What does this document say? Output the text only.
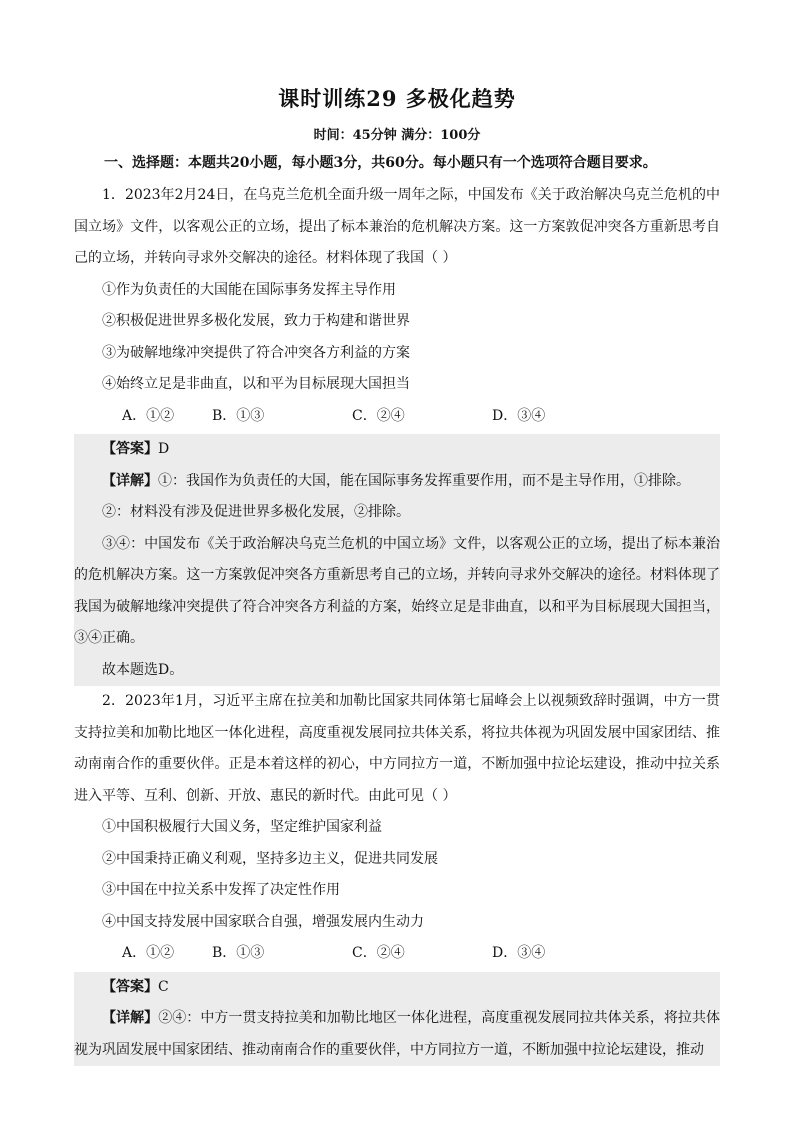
课时训练29 多极化趋势
时间：45分钟 满分：100分
一、选择题：本题共20小题，每小题3分，共60分。每小题只有一个选项符合题目要求。
1．2023年2月24日，在乌克兰危机全面升级一周年之际，中国发布《关于政治解决乌克兰危机的中国立场》文件，以客观公正的立场，提出了标本兼治的危机解决方案。这一方案敦促冲突各方重新思考自己的立场，并转向寻求外交解决的途径。材料体现了我国（ ）
①作为负责任的大国能在国际事务发挥主导作用
②积极促进世界多极化发展，致力于构建和谐世界
③为破解地缘冲突提供了符合冲突各方利益的方案
④始终立足是非曲直，以和平为目标展现大国担当
A．①②	B．①③	C．②④	D．③④
【答案】D
【详解】①：我国作为负责任的大国，能在国际事务发挥重要作用，而不是主导作用，①排除。
②：材料没有涉及促进世界多极化发展，②排除。
③④：中国发布《关于政治解决乌克兰危机的中国立场》文件，以客观公正的立场，提出了标本兼治的危机解决方案。这一方案敦促冲突各方重新思考自己的立场，并转向寻求外交解决的途径。材料体现了我国为破解地缘冲突提供了符合冲突各方利益的方案，始终立足是非曲直，以和平为目标展现大国担当，③④正确。
故本题选D。
2．2023年1月，习近平主席在拉美和加勒比国家共同体第七届峰会上以视频致辞时强调，中方一贯支持拉美和加勒比地区一体化进程，高度重视发展同拉共体关系，将拉共体视为巩固发展中国家团结、推动南南合作的重要伙伴。正是本着这样的初心，中方同拉方一道，不断加强中拉论坛建设，推动中拉关系进入平等、互利、创新、开放、惠民的新时代。由此可见（ ）
①中国积极履行大国义务，坚定维护国家利益
②中国秉持正确义利观，坚持多边主义，促进共同发展
③中国在中拉关系中发挥了决定性作用
④中国支持发展中国家联合自强，增强发展内生动力
A．①②	B．①③	C．②④	D．③④
【答案】C
【详解】②④：中方一贯支持拉美和加勒比地区一体化进程，高度重视发展同拉共体关系，将拉共体视为巩固发展中国家团结、推动南南合作的重要伙伴，中方同拉方一道，不断加强中拉论坛建设，推动
